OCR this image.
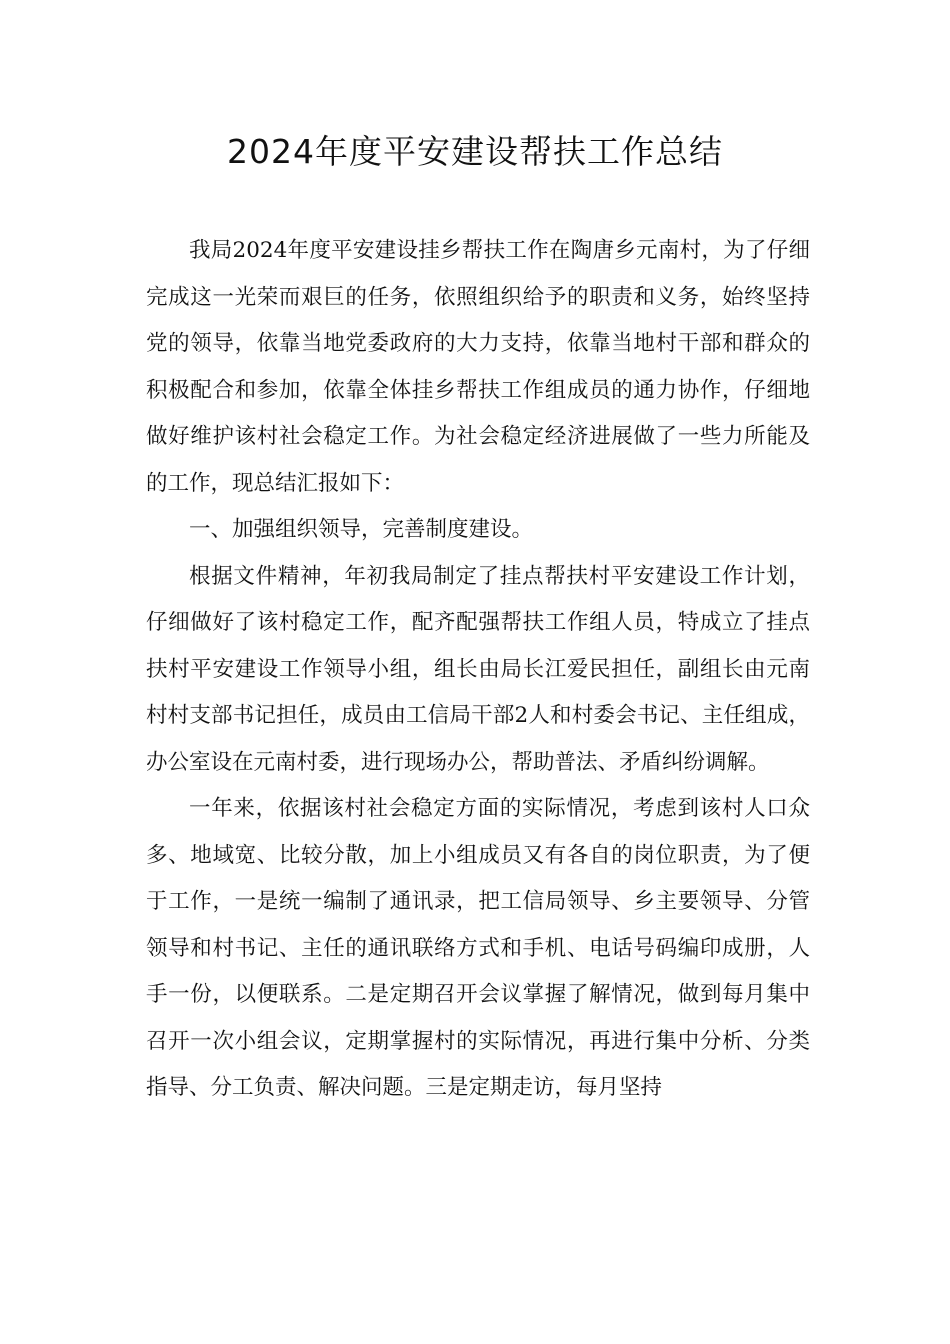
2024年度平安建设帮扶工作总结

我局2024年度平安建设挂乡帮扶工作在陶唐乡元南村，为了仔细完成这一光荣而艰巨的任务，依照组织给予的职责和义务，始终坚持党的领导，依靠当地党委政府的大力支持，依靠当地村干部和群众的积极配合和参加，依靠全体挂乡帮扶工作组成员的通力协作，仔细地做好维护该村社会稳定工作。为社会稳定经济进展做了一些力所能及的工作，现总结汇报如下：

一、加强组织领导，完善制度建设。

根据文件精神，年初我局制定了挂点帮扶村平安建设工作计划，仔细做好了该村稳定工作，配齐配强帮扶工作组人员，特成立了挂点扶村平安建设工作领导小组，组长由局长江爱民担任，副组长由元南村村支部书记担任，成员由工信局干部2人和村委会书记、主任组成，办公室设在元南村委，进行现场办公，帮助普法、矛盾纠纷调解。

一年来，依据该村社会稳定方面的实际情况，考虑到该村人口众多、地域宽、比较分散，加上小组成员又有各自的岗位职责，为了便于工作，一是统一编制了通讯录，把工信局领导、乡主要领导、分管领导和村书记、主任的通讯联络方式和手机、电话号码编印成册，人手一份，以便联系。二是定期召开会议掌握了解情况，做到每月集中召开一次小组会议，定期掌握村的实际情况，再进行集中分析、分类指导、分工负责、解决问题。三是定期走访，每月坚持
